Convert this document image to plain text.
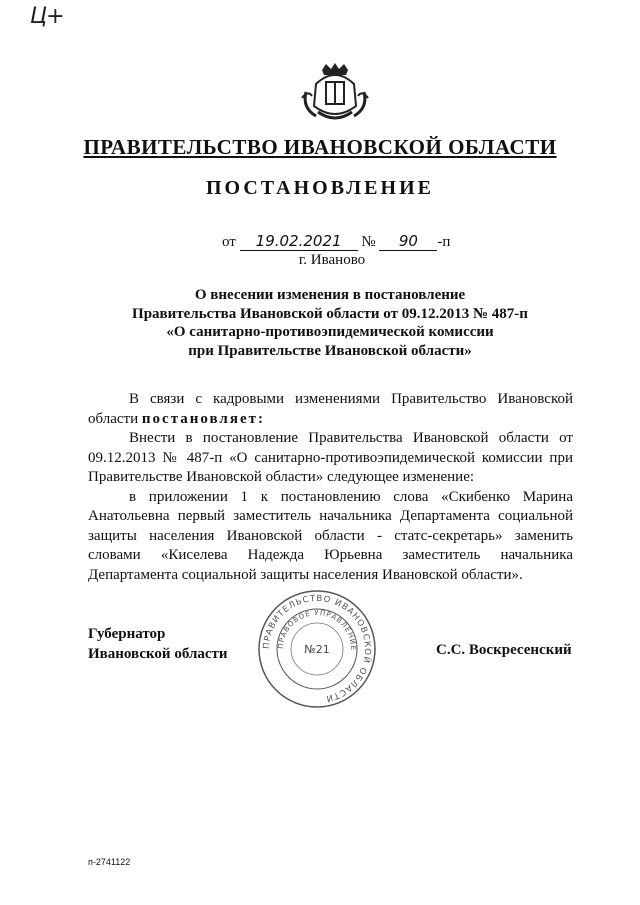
Ц+
ПРАВИТЕЛЬСТВО ИВАНОВСКОЙ ОБЛАСТИ
ПОСТАНОВЛЕНИЕ
от 19.02.2021 № 90 -п
г. Иваново
О внесении изменения в постановление
Правительства Ивановской области от 09.12.2013 № 487-п
«О санитарно-противоэпидемической комиссии
при Правительстве Ивановской области»
В связи с кадровыми изменениями Правительство Ивановской области постановляет:
Внести в постановление Правительства Ивановской области от 09.12.2013 № 487-п «О санитарно-противоэпидемической комиссии при Правительстве Ивановской области» следующее изменение:
в приложении 1 к постановлению слова «Скибенко Марина Анатольевна первый заместитель начальника Департамента социальной защиты населения Ивановской области - статс-секретарь» заменить словами «Киселева Надежда Юрьевна заместитель начальника Департамента социальной защиты населения Ивановской области».
Губернатор
Ивановской области
ПРАВИТЕЛЬСТВО ИВАНОВСКОЙ ОБЛАСТИ
ПРАВОВОЕ УПРАВЛЕНИЕ
№21	С.С. Воскресенский
п-2741122
